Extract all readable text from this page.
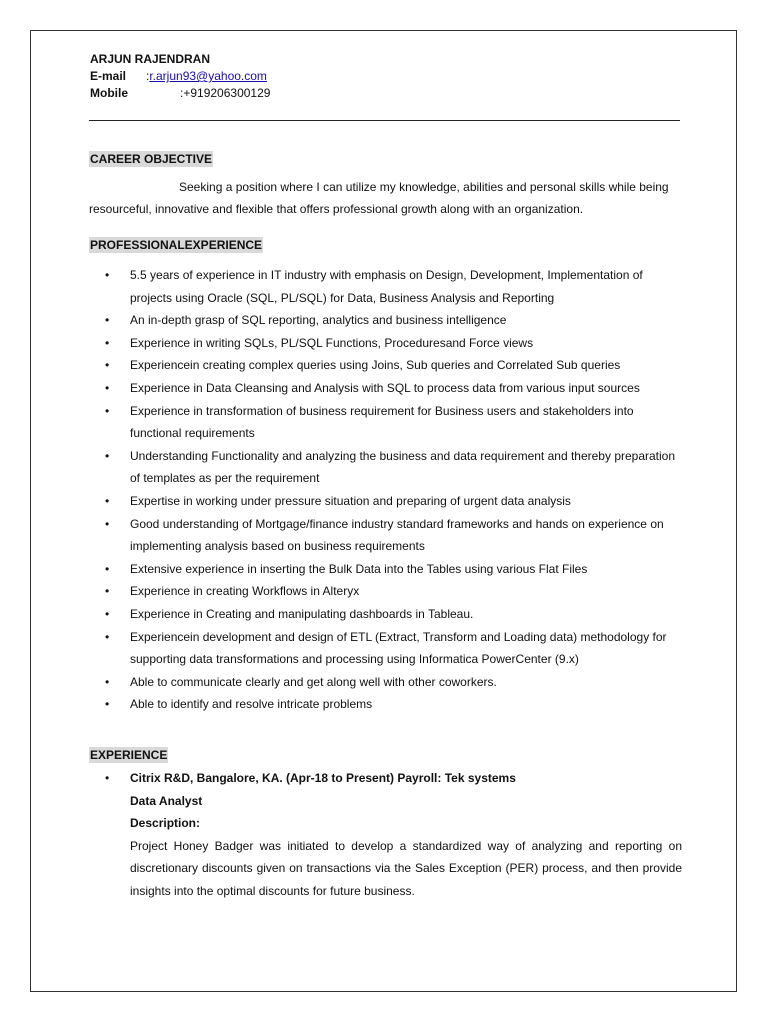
ARJUN RAJENDRAN
E-mail	: r.arjun93@yahoo.com
Mobile	: +919206300129
CAREER OBJECTIVE
Seeking a position where I can utilize my knowledge, abilities and personal skills while being resourceful, innovative and flexible that offers professional growth along with an organization.
PROFESSIONALEXPERIENCE
• 5.5 years of experience in IT industry with emphasis on Design, Development, Implementation of projects using Oracle (SQL, PL/SQL) for Data, Business Analysis and Reporting
• An in-depth grasp of SQL reporting, analytics and business intelligence
• Experience in writing SQLs, PL/SQL Functions, Proceduresand Force views
• Experiencein creating complex queries using Joins, Sub queries and Correlated Sub queries
• Experience in Data Cleansing and Analysis with SQL to process data from various input sources
• Experience in transformation of business requirement for Business users and stakeholders into functional requirements
• Understanding Functionality and analyzing the business and data requirement and thereby preparation of templates as per the requirement
• Expertise in working under pressure situation and preparing of urgent data analysis
• Good understanding of Mortgage/finance industry standard frameworks and hands on experience on implementing analysis based on business requirements
• Extensive experience in inserting the Bulk Data into the Tables using various Flat Files
• Experience in creating Workflows in Alteryx
• Experience in Creating and manipulating dashboards in Tableau.
• Experiencein development and design of ETL (Extract, Transform and Loading data) methodology for supporting data transformations and processing using Informatica PowerCenter (9.x)
• Able to communicate clearly and get along well with other coworkers.
• Able to identify and resolve intricate problems
EXPERIENCE
• Citrix R&D, Bangalore, KA. (Apr-18 to Present) Payroll: Tek systems
Data Analyst
Description:
Project Honey Badger was initiated to develop a standardized way of analyzing and reporting on discretionary discounts given on transactions via the Sales Exception (PER) process, and then provide insights into the optimal discounts for future business.
